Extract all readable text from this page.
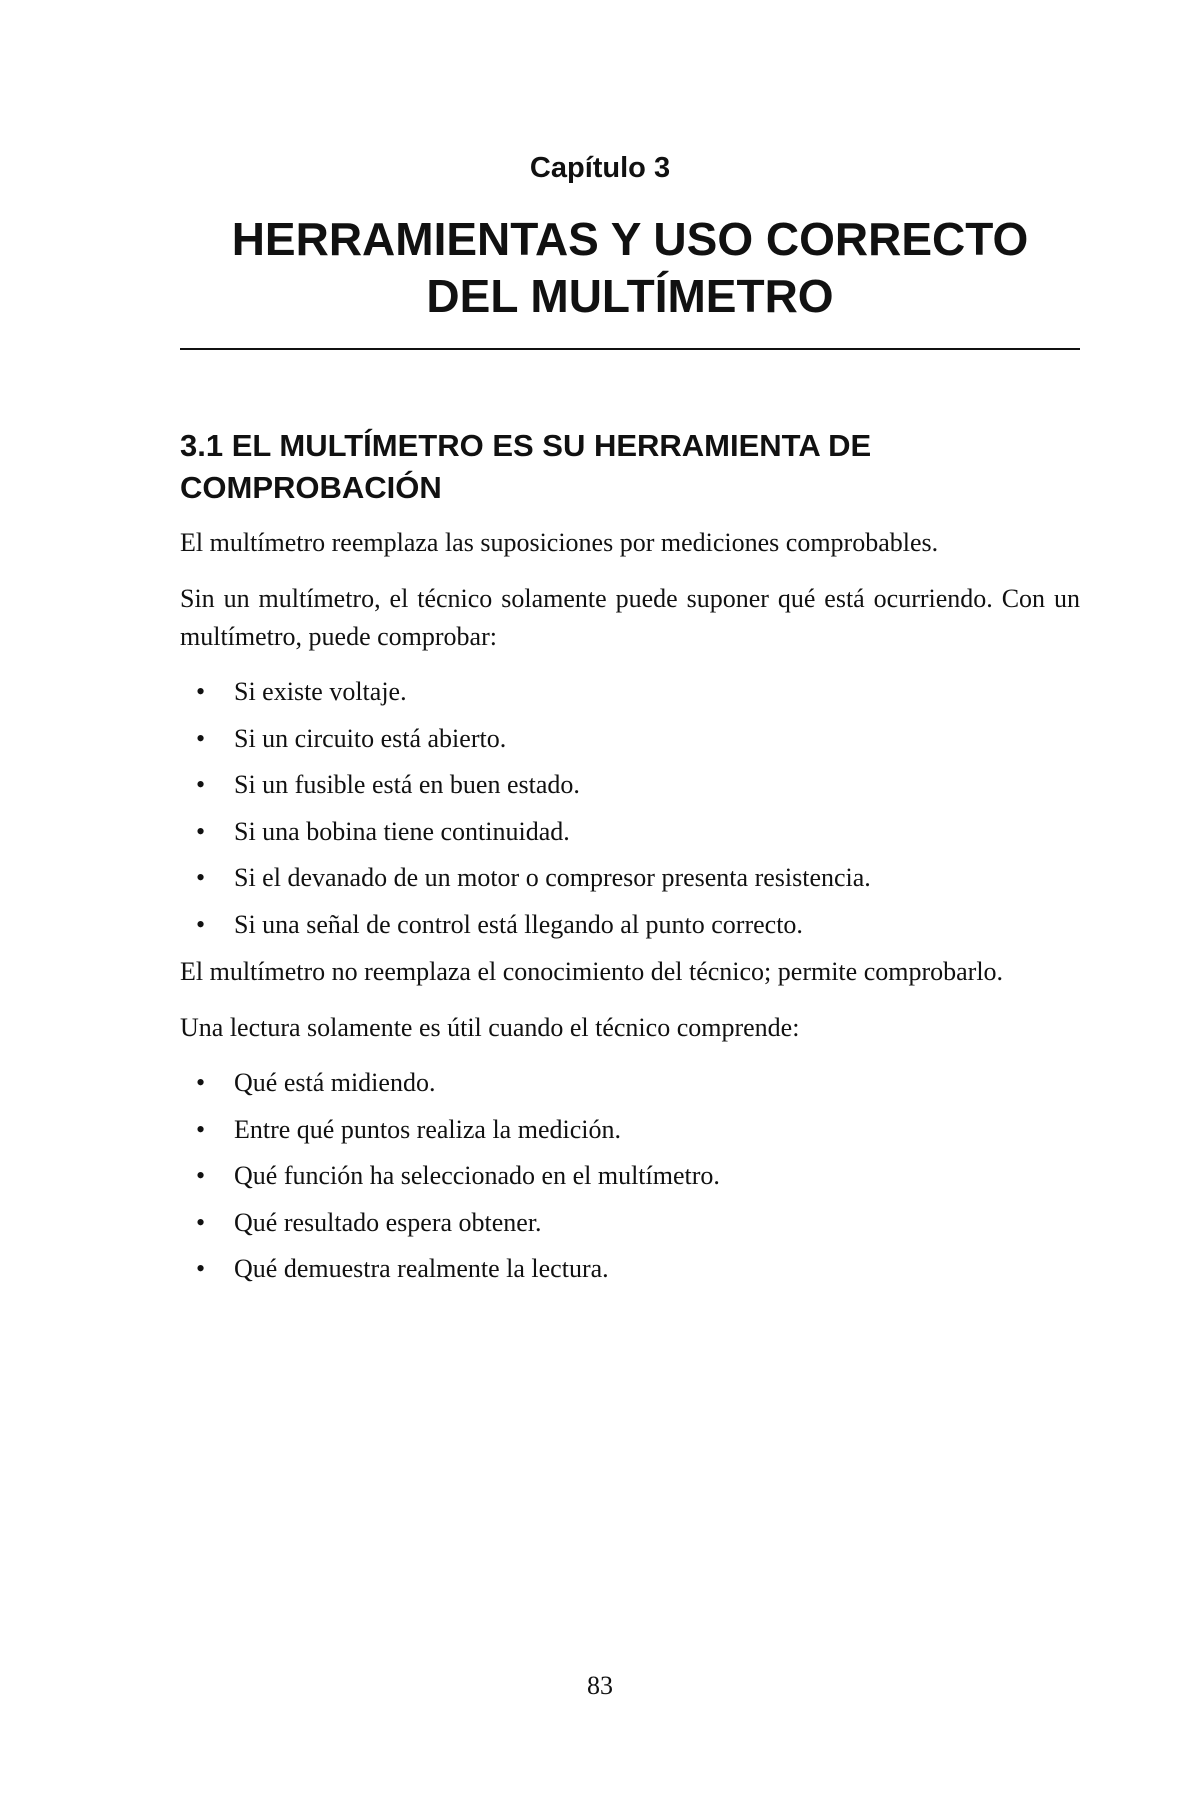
Capítulo 3
HERRAMIENTAS Y USO CORRECTO
DEL MULTÍMETRO
3.1 EL MULTÍMETRO ES SU HERRAMIENTA DE
COMPROBACIÓN

El multímetro reemplaza las suposiciones por mediciones comprobables.

Sin un multímetro, el técnico solamente puede suponer qué está ocurriendo. Con un multímetro, puede comprobar:

• Si existe voltaje.
• Si un circuito está abierto.
• Si un fusible está en buen estado.
• Si una bobina tiene continuidad.
• Si el devanado de un motor o compresor presenta resistencia.
• Si una señal de control está llegando al punto correcto.

El multímetro no reemplaza el conocimiento del técnico; permite comprobarlo.

Una lectura solamente es útil cuando el técnico comprende:

• Qué está midiendo.
• Entre qué puntos realiza la medición.
• Qué función ha seleccionado en el multímetro.
• Qué resultado espera obtener.
• Qué demuestra realmente la lectura.
83
